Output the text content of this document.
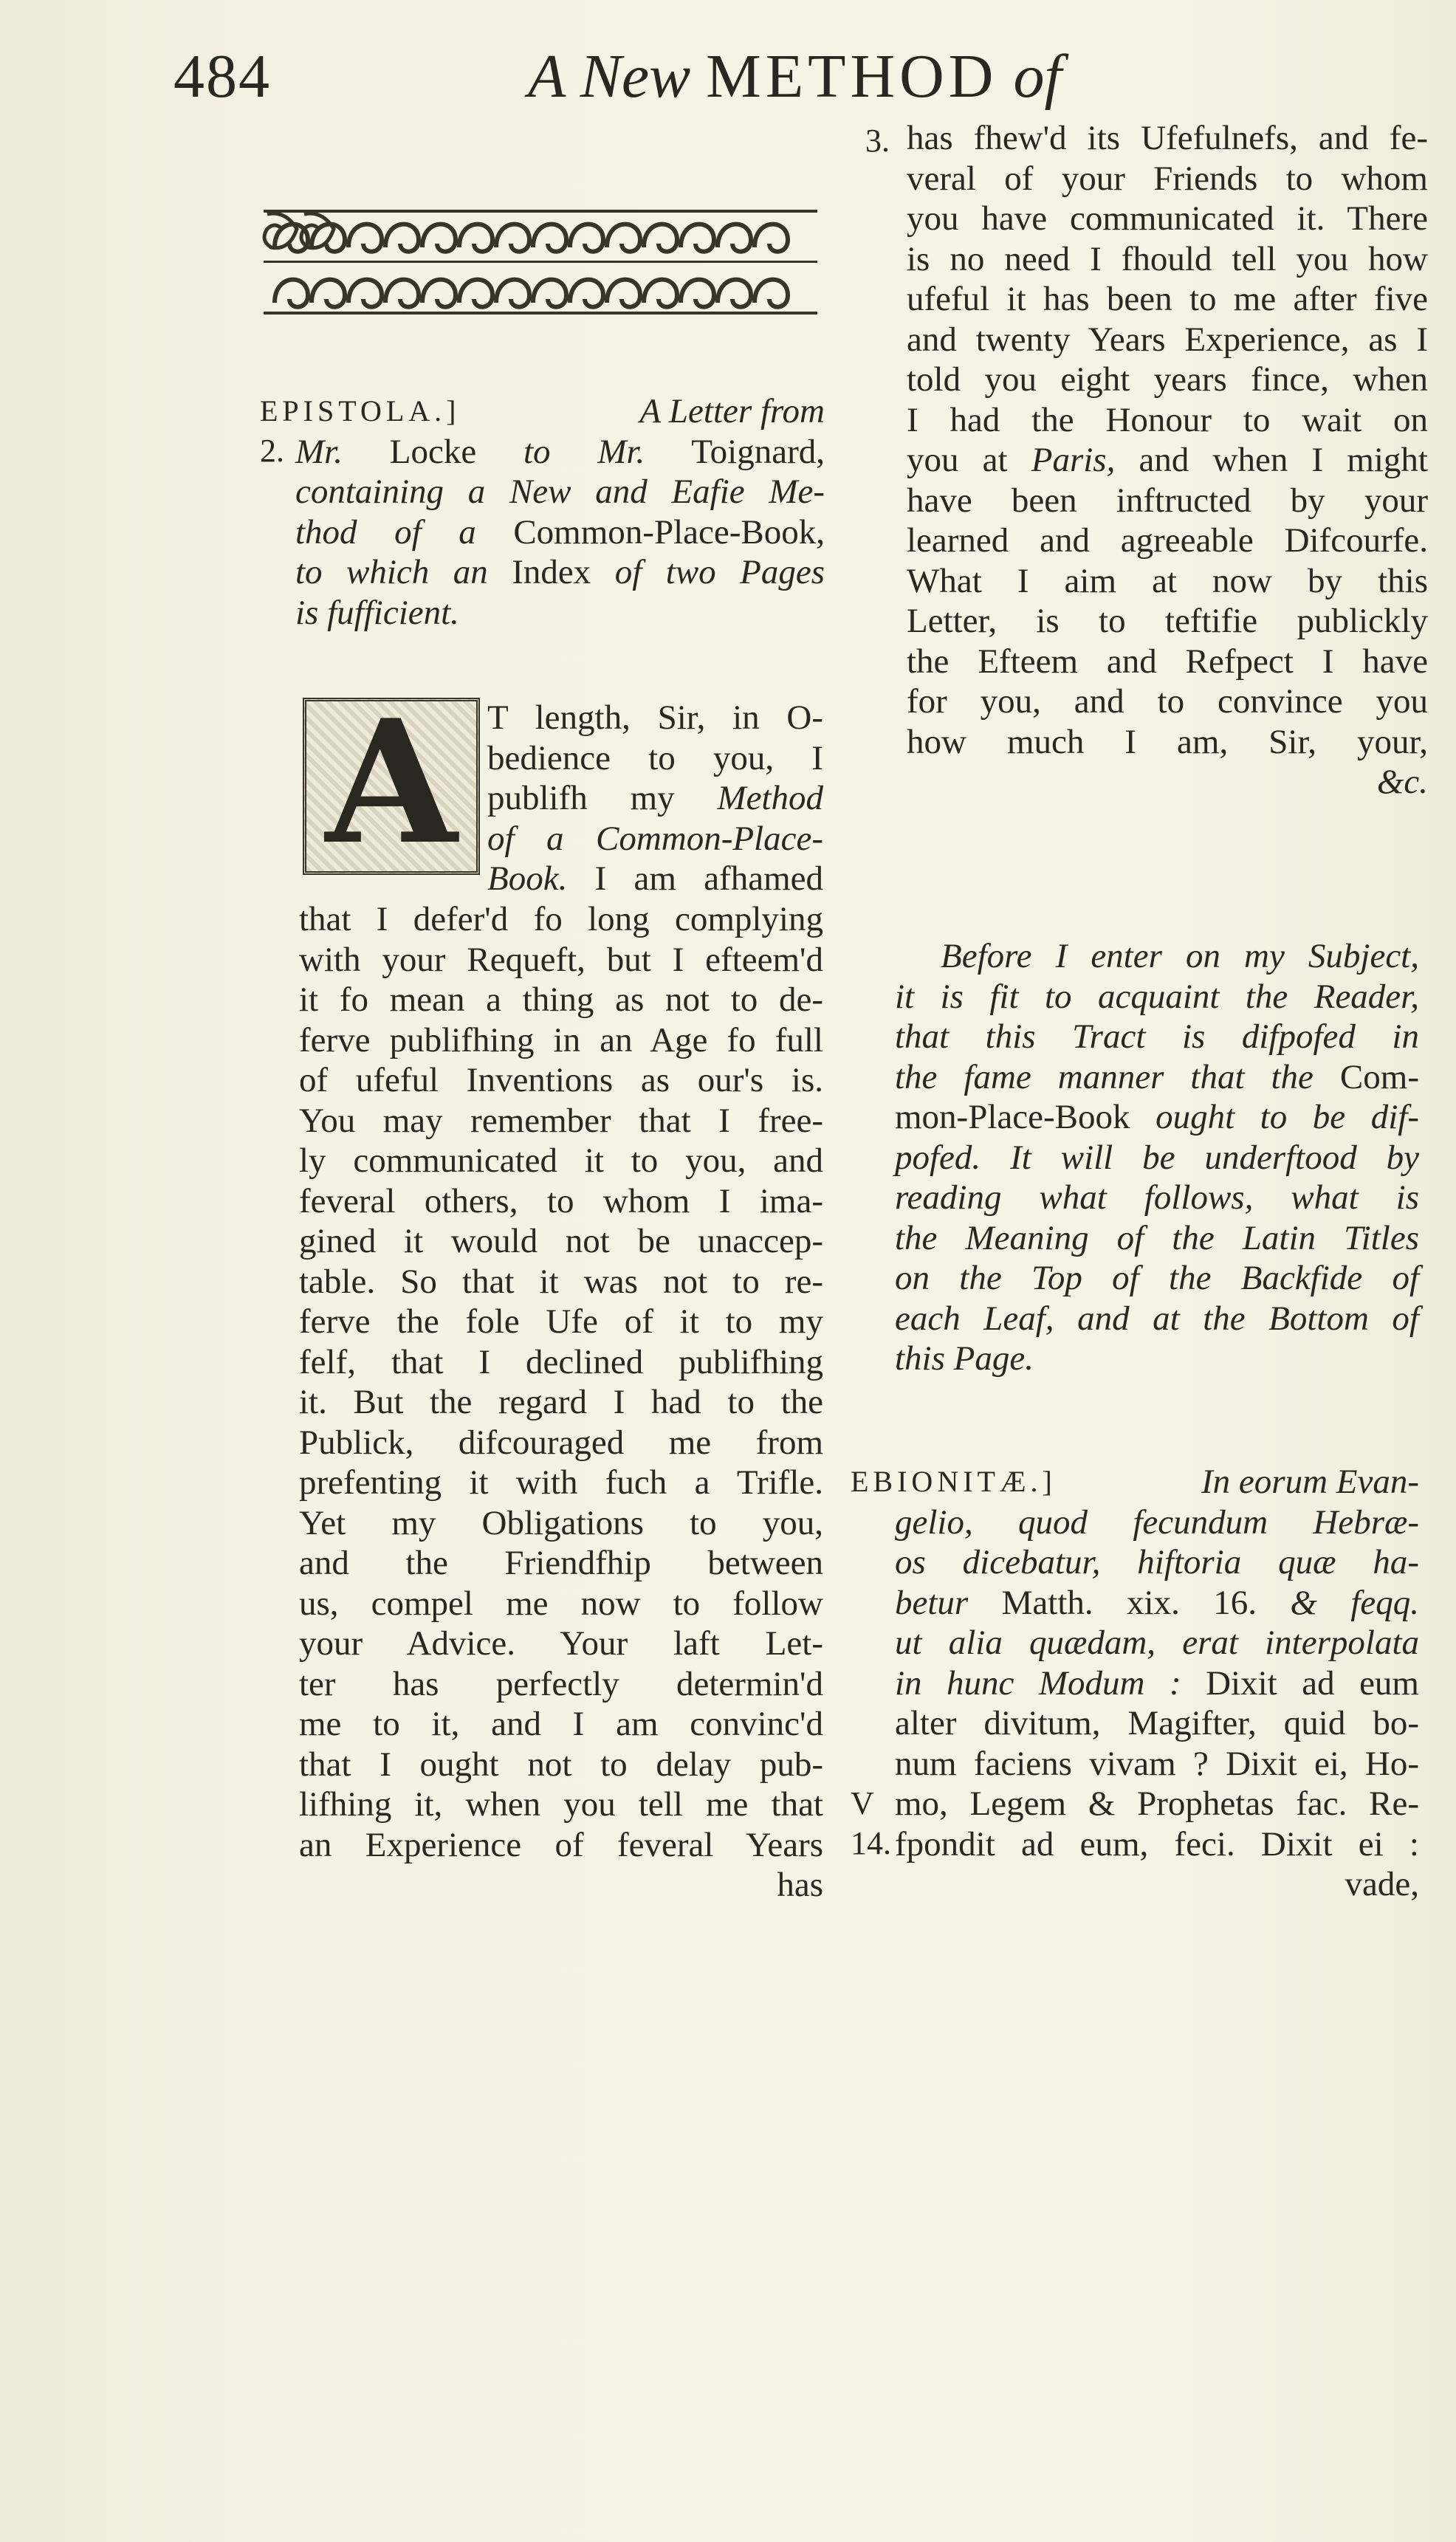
484	A New METHOD of
EPISTOLA.]	A Letter from
2. Mr. Locke to Mr. Toignard,
containing a New and Eafie Me-
thod of a Common-Place-Book,
to which an Index of two Pages
is fufficient.
A T length, Sir, in O-
bedience to you, I
publifh my Method
of a Common-Place-
Book. I am afhamed
that I defer'd fo long complying
with your Requeft, but I efteem'd
it fo mean a thing as not to de-
ferve publifhing in an Age fo full
of ufeful Inventions as our's is.
You may remember that I free-
ly communicated it to you, and
feveral others, to whom I ima-
gined it would not be unaccep-
table. So that it was not to re-
ferve the fole Ufe of it to my
felf, that I declined publifhing
it. But the regard I had to the
Publick, difcouraged me from
prefenting it with fuch a Trifle.
Yet my Obligations to you,
and the Friendfhip between
us, compel me now to follow
your Advice. Your laft Let-
ter has perfectly determin'd
me to it, and I am convinc'd
that I ought not to delay pub-
lifhing it, when you tell me that
an Experience of feveral Years
has
3. has fhew'd its Ufefulnefs, and fe-
veral of your Friends to whom
you have communicated it. There
is no need I fhould tell you how
ufeful it has been to me after five
and twenty Years Experience, as I
told you eight years fince, when
I had the Honour to wait on
you at Paris, and when I might
have been inftructed by your
learned and agreeable Difcourfe.
What I aim at now by this
Letter, is to teftifie publickly
the Efteem and Refpect I have
for you, and to convince you
how much I am, Sir, your,
&c.
Before I enter on my Subject,
it is fit to acquaint the Reader,
that this Tract is difpofed in
the fame manner that the Com-
mon-Place-Book ought to be dif-
pofed. It will be underftood by
reading what follows, what is
the Meaning of the Latin Titles
on the Top of the Backfide of
each Leaf, and at the Bottom of
this Page.
EBIONITÆ.]	In eorum Evan-
gelio, quod fecundum Hebræ-
os dicebatur, hiftoria quæ ha-
betur Matth. xix. 16. & feqq.
ut alia quædam, erat interpolata
in hunc Modum : Dixit ad eum
alter divitum, Magifter, quid bo-
num faciens vivam ? Dixit ei, Ho-
mo, Legem & Prophetas fac. Re-
fpondit ad eum, feci. Dixit ei :
vade,
V
14.
